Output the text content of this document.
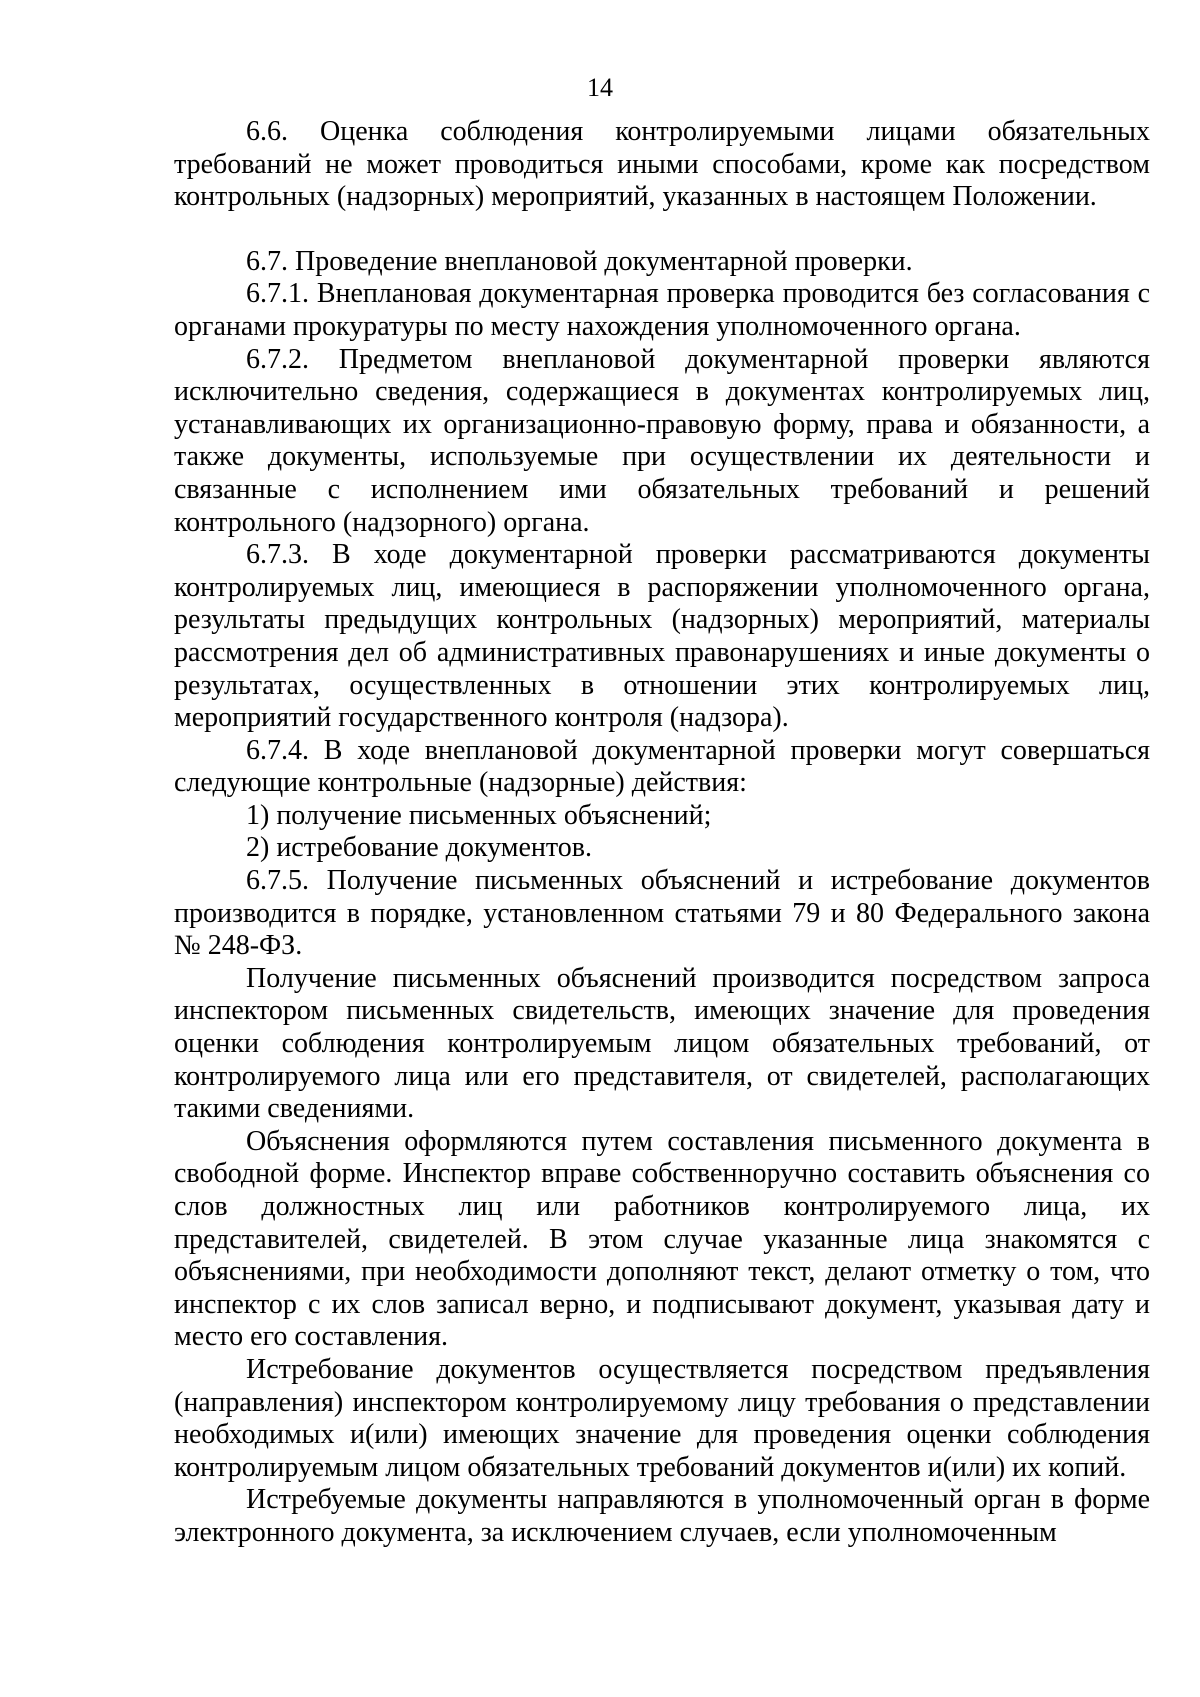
14

6.6. Оценка соблюдения контролируемыми лицами обязательных требований не может проводиться иными способами, кроме как посредством контрольных (надзорных) мероприятий, указанных в настоящем Положении.

6.7. Проведение внеплановой документарной проверки.

6.7.1. Внеплановая документарная проверка проводится без согласования с органами прокуратуры по месту нахождения уполномоченного органа.

6.7.2. Предметом внеплановой документарной проверки являются исключительно сведения, содержащиеся в документах контролируемых лиц, устанавливающих их организационно-правовую форму, права и обязанности, а также документы, используемые при осуществлении их деятельности и связанные с исполнением ими обязательных требований и решений контрольного (надзорного) органа.

6.7.3. В ходе документарной проверки рассматриваются документы контролируемых лиц, имеющиеся в распоряжении уполномоченного органа, результаты предыдущих контрольных (надзорных) мероприятий, материалы рассмотрения дел об административных правонарушениях и иные документы о результатах, осуществленных в отношении этих контролируемых лиц, мероприятий государственного контроля (надзора).

6.7.4. В ходе внеплановой документарной проверки могут совершаться следующие контрольные (надзорные) действия:

1) получение письменных объяснений;

2) истребование документов.

6.7.5. Получение письменных объяснений и истребование документов производится в порядке, установленном статьями 79 и 80 Федерального закона № 248-ФЗ.

Получение письменных объяснений производится посредством запроса инспектором письменных свидетельств, имеющих значение для проведения оценки соблюдения контролируемым лицом обязательных требований, от контролируемого лица или его представителя, от свидетелей, располагающих такими сведениями.

Объяснения оформляются путем составления письменного документа в свободной форме. Инспектор вправе собственноручно составить объяснения со слов должностных лиц или работников контролируемого лица, их представителей, свидетелей. В этом случае указанные лица знакомятся с объяснениями, при необходимости дополняют текст, делают отметку о том, что инспектор с их слов записал верно, и подписывают документ, указывая дату и место его составления.

Истребование документов осуществляется посредством предъявления (направления) инспектором контролируемому лицу требования о представлении необходимых и(или) имеющих значение для проведения оценки соблюдения контролируемым лицом обязательных требований документов и(или) их копий.

Истребуемые документы направляются в уполномоченный орган в форме электронного документа, за исключением случаев, если уполномоченным
